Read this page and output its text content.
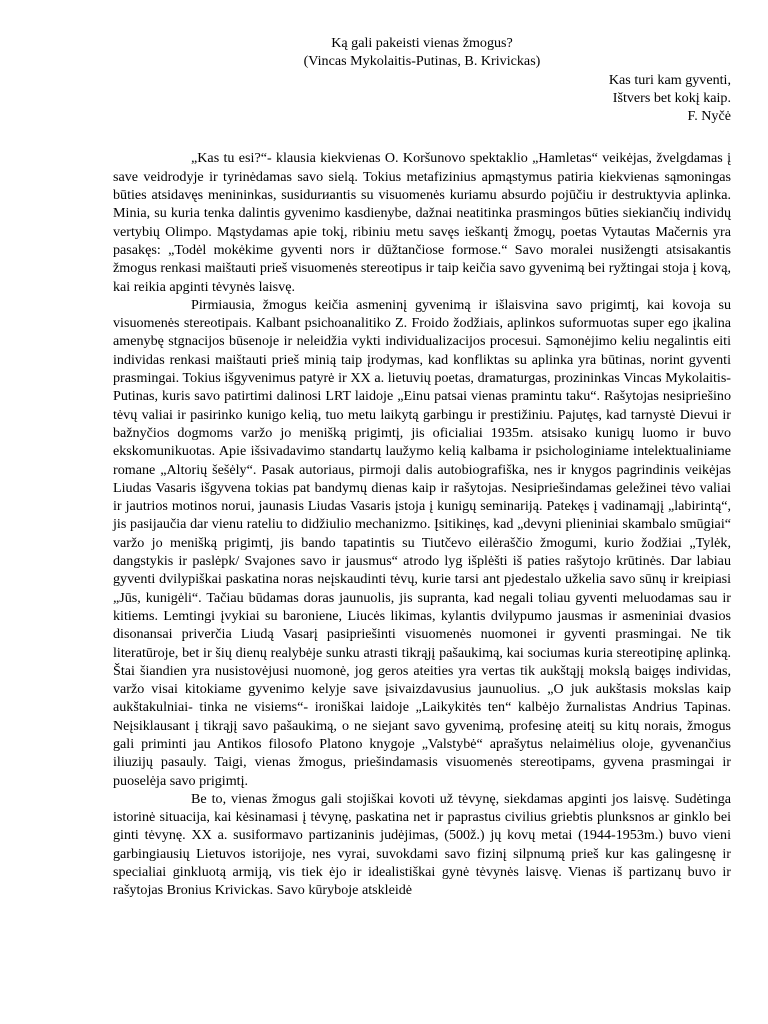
Ką gali pakeisti vienas žmogus?
(Vincas Mykolaitis-Putinas, B. Krivickas)
Kas turi kam gyventi,
Ištvers bet kokį kaip.
F. Nyčė

„Kas tu esi?“- klausia kiekvienas O. Koršunovo spektaklio „Hamletas“ veikėjas, žvelgdamas į save veidrodyje ir tyrinėdamas savo sielą. Tokius metafizinius apmąstymus patiria kiekvienas sąmoningas būties atsidavęs menininkas, susidurиantis su visuomenės kuriamu absurdo pojūčiu ir destruktyvia aplinka. Minia, su kuria tenka dalintis gyvenimo kasdienybe, dažnai neatitinka prasmingos būties siekiančių individų vertybių Olimpo. Mąstydamas apie tokį, ribiniu metu savęs ieškantį žmogų, poetas Vytautas Mačernis yra pasakęs: „Todėl mokėkime gyventi nors ir dūžtančiose formose.“ Savo moralei nusižengti atsisakantis žmogus renkasi maištauti prieš visuomenės stereotipus ir taip keičia savo gyvenimą bei ryžtingai stoja į kovą, kai reikia apginti tėvynės laisvę.

Pirmiausia, žmogus keičia asmeninį gyvenimą ir išlaisvina savo prigimtį, kai kovoja su visuomenės stereotipais. Kalbant psichoanalitiko Z. Froido žodžiais, aplinkos suformuotas super ego įkalina amenybę stgnacijos būsenoje ir neleidžia vykti individualizacijos procesui. Sąmonėjimo keliu negalintis eiti individas renkasi maištauti prieš minią taip įrodymas, kad konfliktas su aplinka yra būtinas, norint gyventi prasmingai. Tokius išgyvenimus patyrė ir XX a. lietuvių poetas, dramaturgas, prozininkas Vincas Mykolaitis- Putinas, kuris savo patirtimi dalinosi LRT laidoje „Einu patsai vienas pramintu taku“. Rašytojas nesipriešino tėvų valiai ir pasirinko kunigo kelią, tuo metu laikytą garbingu ir prestižiniu. Pajutęs, kad tarnystė Dievui ir bažnyčios dogmoms varžo jo menišką prigimtį, jis oficialiai 1935m. atsisako kunigų luomo ir buvo ekskomunikuotas. Apie išsivadavimo standartų laužymo kelią kalbama ir psichologiniame intelektualiniame romane „Altorių šešėly“. Pasak autoriaus, pirmoji dalis autobiografiška, nes ir knygos pagrindinis veikėjas Liudas Vasaris išgyvena tokias pat bandymų dienas kaip ir rašytojas. Nesipriešindamas geležinei tėvo valiai ir jautrios motinos norui, jaunasis Liudas Vasaris įstoja į kunigų seminariją. Patekęs į vadinamąjį „labirintą“, jis pasijaučia dar vienu rateliu to didžiulio mechanizmo. Įsitikinęs, kad „devyni plieniniai skambalo smūgiai“ varžo jo menišką prigimtį, jis bando tapatintis su Tiutčevo eilėraščio žmogumi, kurio žodžiai „Tylėk, dangstykis ir paslėpk/ Svajones savo ir jausmus“ atrodo lyg išplėšti iš paties rašytojo krūtinės. Dar labiau gyventi dvilypiškai paskatina noras neįskaudinti tėvų, kurie tarsi ant pjedestalo užkelia savo sūnų ir kreipiasi „Jūs, kunigėli“. Tačiau būdamas doras jaunuolis, jis supranta, kad negali toliau gyventi meluodamas sau ir kitiems. Lemtingi įvykiai su baroniene, Liucės likimas, kylantis dvilypumo jausmas ir asmeniniai dvasios disonansai priverčia Liudą Vasarį pasipriešinti visuomenės nuomonei ir gyventi prasmingai. Ne tik literatūroje, bet ir šių dienų realybėje sunku atrasti tikrąjį pašaukimą, kai sociumas kuria stereotipinę aplinką. Štai šiandien yra nusistovėjusi nuomonė, jog geros ateities yra vertas tik aukštąjį mokslą baigęs individas, varžo visai kitokiame gyvenimo kelyje save įsivaizdavusius jaunuolius. „O juk aukštasis mokslas kaip aukštakulniai- tinka ne visiems“- ironiškai laidoje „Laikykitės ten“ kalbėjo žurnalistas Andrius Tapinas. Neįsiklausant į tikrąjį savo pašaukimą, o ne siejant savo gyvenimą, profesinę ateitį su kitų norais, žmogus gali priminti jau Antikos filosofo Platono knygoje „Valstybė“ aprašytus nelaimėlius oloje, gyvenančius iliuzijų pasauly. Taigi, vienas žmogus, priešindamasis visuomenės stereotipams, gyvena prasmingai ir puoselėja savo prigimtį.

Be to, vienas žmogus gali stojiškai kovoti už tėvynę, siekdamas apginti jos laisvę. Sudėtinga istorinė situacija, kai kėsinamasi į tėvynę, paskatina net ir paprastus civilius griebtis plunksnos ar ginklo bei ginti tėvynę. XX a. susiformavo partizaninis judėjimas, (500ž.) jų kovų metai (1944-1953m.) buvo vieni garbingiausių Lietuvos istorijoje, nes vyrai, suvokdami savo fizinį silpnumą prieš kur kas galingesnę ir specialiai ginkluotą armiją, vis tiek ėjo ir idealistiškai gynė tėvynės laisvę. Vienas iš partizanų buvo ir rašytojas Bronius Krivickas. Savo kūryboje atskleidė
